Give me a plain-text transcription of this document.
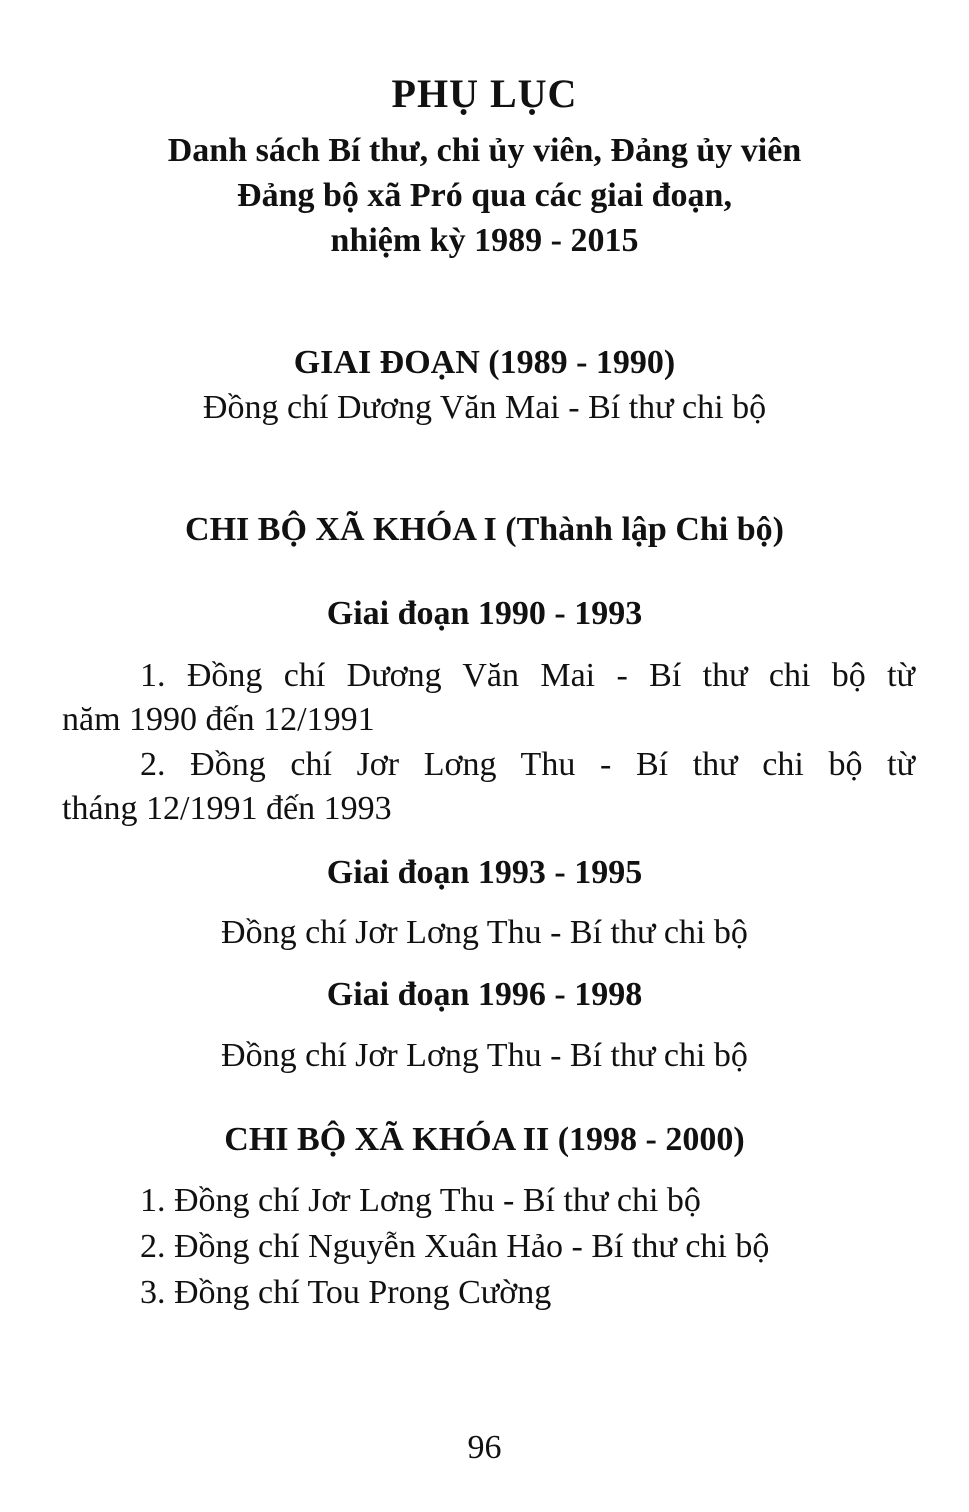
PHỤ LỤC
Danh sách Bí thư, chi ủy viên, Đảng ủy viên
Đảng bộ xã Pró qua các giai đoạn,
nhiệm kỳ 1989 - 2015
GIAI ĐOẠN (1989 - 1990)
Đồng chí Dương Văn Mai - Bí thư chi bộ
CHI BỘ XÃ KHÓA I (Thành lập Chi bộ)
Giai đoạn 1990 - 1993
1. Đồng chí Dương Văn Mai - Bí thư chi bộ từ
năm 1990 đến 12/1991
2. Đồng chí Jơr Lơng Thu - Bí thư chi bộ từ
tháng 12/1991 đến 1993
Giai đoạn 1993 - 1995
Đồng chí Jơr Lơng Thu - Bí thư chi bộ
Giai đoạn 1996 - 1998
Đồng chí Jơr Lơng Thu - Bí thư chi bộ
CHI BỘ XÃ KHÓA II (1998 - 2000)
1. Đồng chí Jơr Lơng Thu - Bí thư chi bộ
2. Đồng chí Nguyễn Xuân Hảo - Bí thư chi bộ
3. Đồng chí Tou Prong Cường
96
